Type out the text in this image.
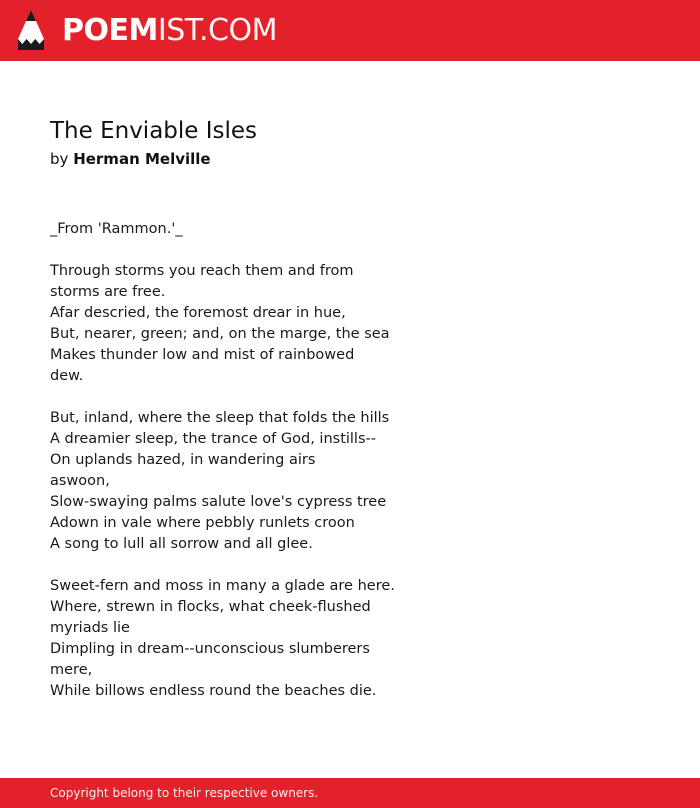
POEMIST.COM
The Enviable Isles
by Herman Melville
_From 'Rammon.'_
Through storms you reach them and from
storms are free.
Afar descried, the foremost drear in hue,
But, nearer, green; and, on the marge, the sea
Makes thunder low and mist of rainbowed
dew.
But, inland, where the sleep that folds the hills
A dreamier sleep, the trance of God, instills--
On uplands hazed, in wandering airs
aswoon,
Slow-swaying palms salute love's cypress tree
Adown in vale where pebbly runlets croon
A song to lull all sorrow and all glee.
Sweet-fern and moss in many a glade are here.
Where, strewn in flocks, what cheek-flushed
myriads lie
Dimpling in dream--unconscious slumberers
mere,
While billows endless round the beaches die.
Copyright belong to their respective owners.
